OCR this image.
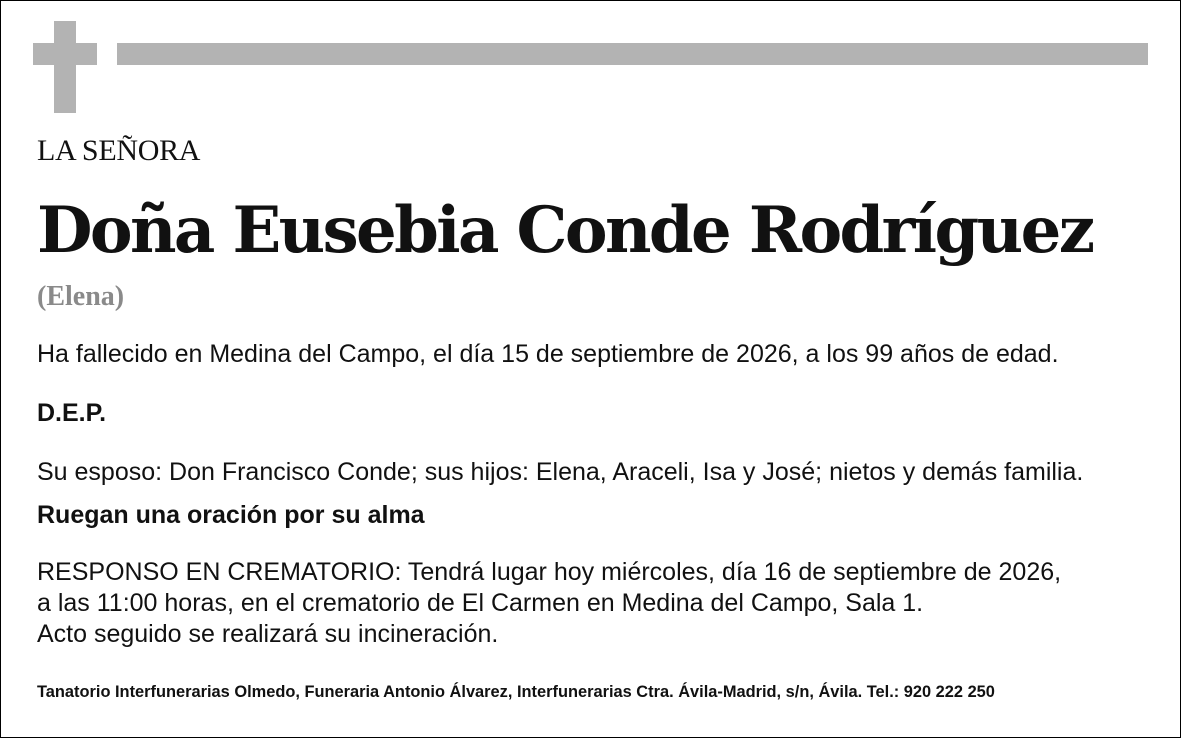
LA SEÑORA

Doña Eusebia Conde Rodríguez

(Elena)

Ha fallecido en Medina del Campo, el día 15 de septiembre de 2026, a los 99 años de edad.

D.E.P.

Su esposo: Don Francisco Conde; sus hijos: Elena, Araceli, Isa y José; nietos y demás familia.

Ruegan una oración por su alma

RESPONSO EN CREMATORIO: Tendrá lugar hoy miércoles, día 16 de septiembre de 2026,
a las 11:00 horas, en el crematorio de El Carmen en Medina del Campo, Sala 1.
Acto seguido se realizará su incineración.

Tanatorio Interfunerarias Olmedo, Funeraria Antonio Álvarez, Interfunerarias Ctra. Ávila-Madrid, s/n, Ávila. Tel.: 920 222 250
